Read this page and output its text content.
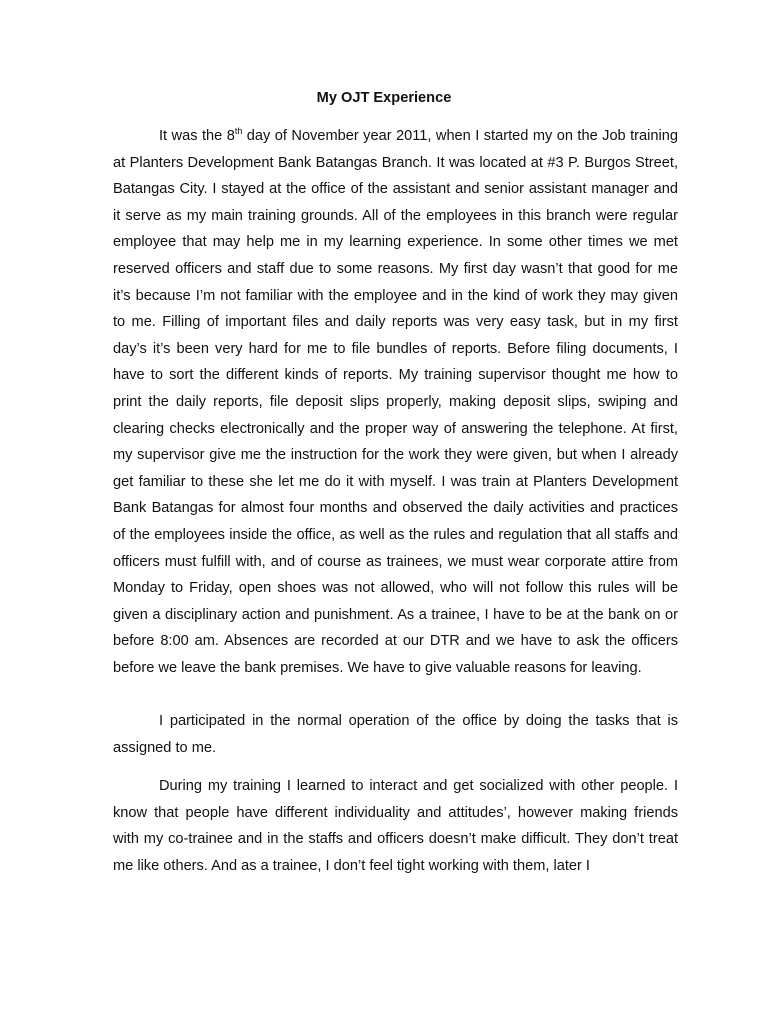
My OJT Experience

It was the 8th day of November year 2011, when I started my on the Job training at Planters Development Bank Batangas Branch. It was located at #3 P. Burgos Street, Batangas City. I stayed at the office of the assistant and senior assistant manager and it serve as my main training grounds. All of the employees in this branch were regular employee that may help me in my learning experience. In some other times we met reserved officers and staff due to some reasons. My first day wasn’t that good for me it’s because I’m not familiar with the employee and in the kind of work they may given to me. Filling of important files and daily reports was very easy task, but in my first day’s it’s been very hard for me to file bundles of reports. Before filing documents, I have to sort the different kinds of reports. My training supervisor thought me how to print the daily reports, file deposit slips properly, making deposit slips, swiping and clearing checks electronically and the proper way of answering the telephone. At first, my supervisor give me the instruction for the work they were given, but when I already get familiar to these she let me do it with myself. I was train at Planters Development Bank Batangas for almost four months and observed the daily activities and practices of the employees inside the office, as well as the rules and regulation that all staffs and officers must fulfill with, and of course as trainees, we must wear corporate attire from Monday to Friday, open shoes was not allowed, who will not follow this rules will be given a disciplinary action and punishment. As a trainee, I have to be at the bank on or before 8:00 am. Absences are recorded at our DTR and we have to ask the officers before we leave the bank premises. We have to give valuable reasons for leaving.

I participated in the normal operation of the office by doing the tasks that is assigned to me.

During my training I learned to interact and get socialized with other people. I know that people have different individuality and attitudes’, however making friends with my co-trainee and in the staffs and officers doesn’t make difficult. They don’t treat me like others. And as a trainee, I don’t feel tight working with them, later I
